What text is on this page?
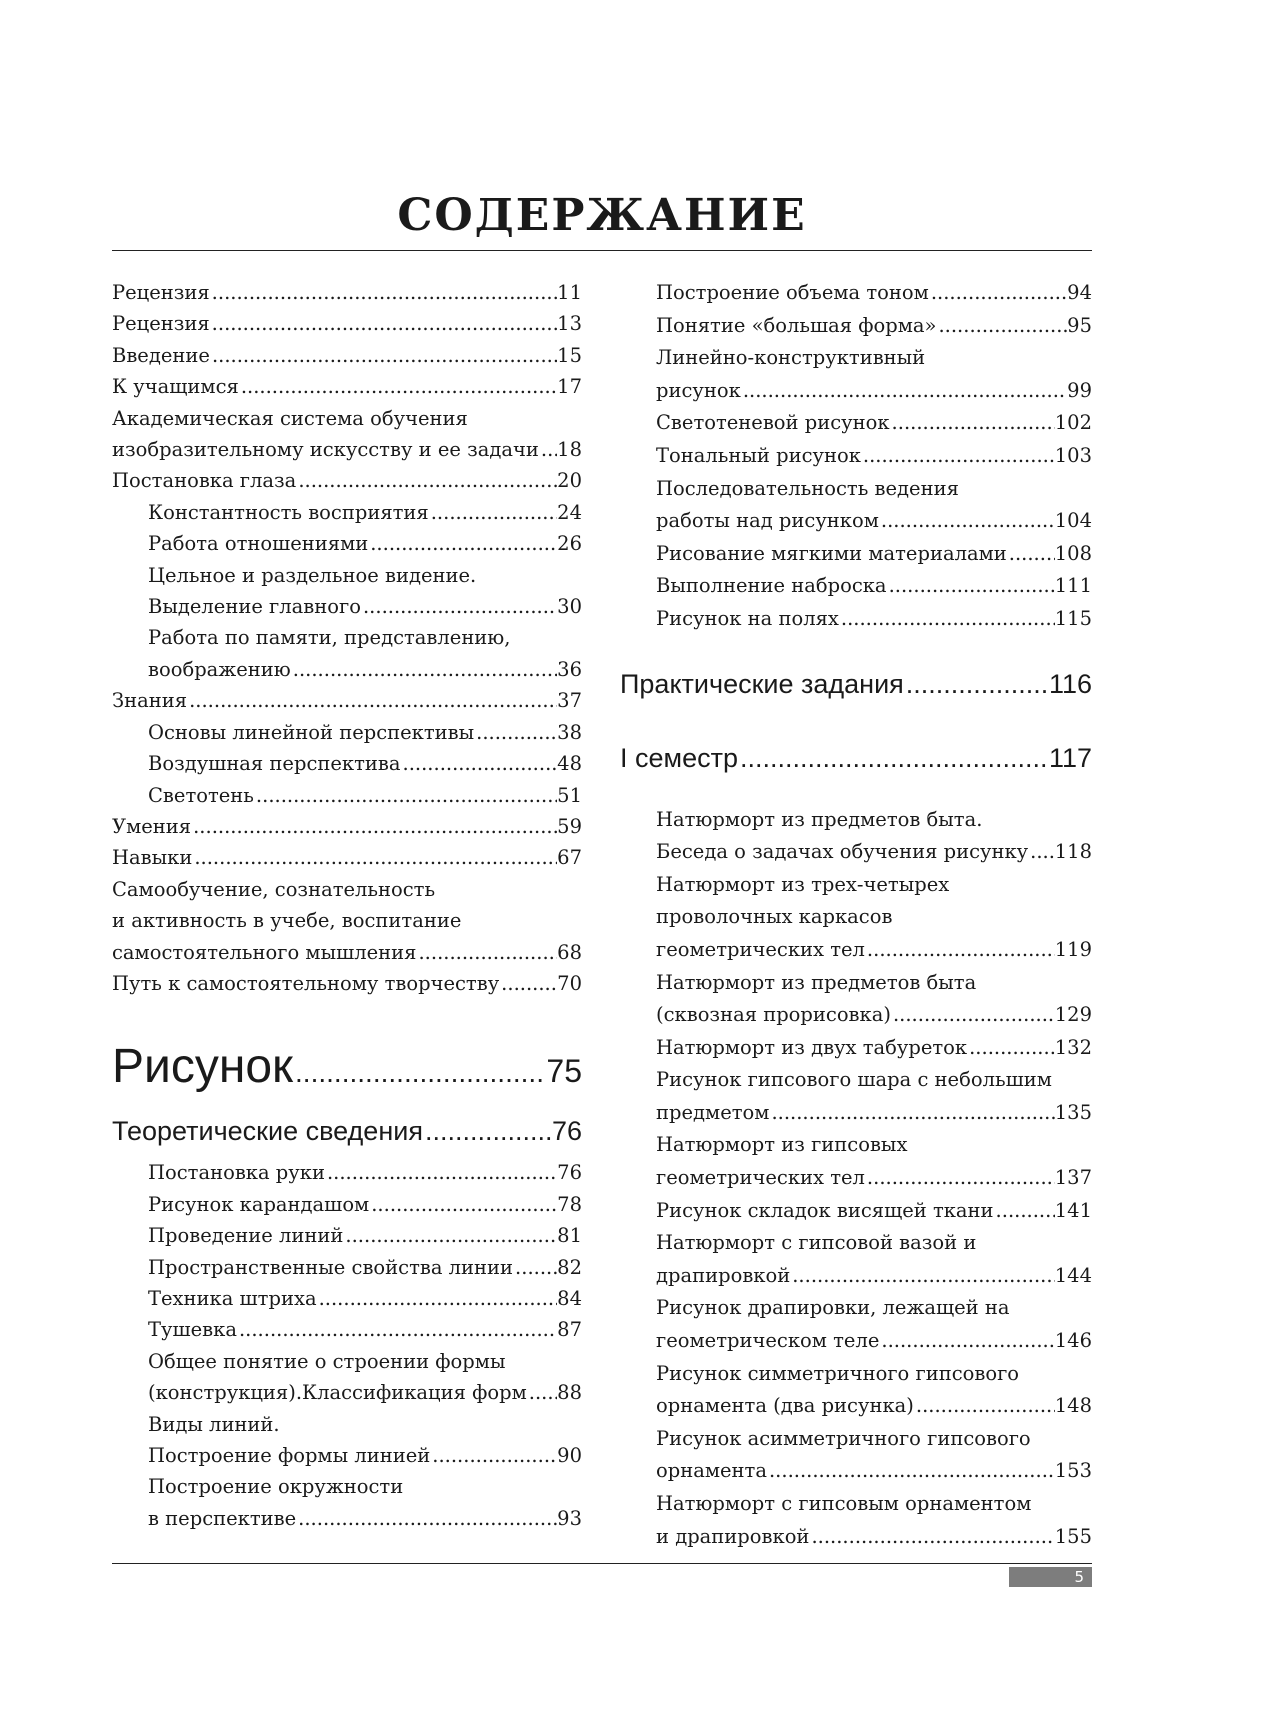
СОДЕРЖАНИЕ
Рецензия .....	11
Рецензия .....	13
Введение .....	15
К учащимся .....	17
Академическая система обучения
изобразительному искусству и ее задачи ..... 18
Постановка глаза .....	20
Константность восприятия .....	24
Работа отношениями .....	26
Цельное и раздельное видение.
Выделение главного .....	30
Работа по памяти, представлению,
воображению .....	36
Знания .....	37
Основы линейной перспективы .....	38
Воздушная перспектива .....	48
Светотень .....	51
Умения .....	59
Навыки .....	67
Самообучение, сознательность
и активность в учебе, воспитание
самостоятельного мышления .....	68
Путь к самостоятельному творчеству .....	70
Рисунок .....	75
Теоретические сведения .....	76
Постановка руки .....	76
Рисунок карандашом .....	78
Проведение линий .....	81
Пространственные свойства линии ..... 82
Техника штриха .....	84
Тушевка .....	87
Общее понятие о строении формы
(конструкция).Классификация форм ..... 88
Виды линий.
Построение формы линией .....	90
Построение окружности
в перспективе .....	93
Построение объема тоном .....	94
Понятие «большая форма» .....	95
Линейно-конструктивный
рисунок .....	99
Светотеневой рисунок .....	102
Тональный рисунок .....	103
Последовательность ведения
работы над рисунком .....	104
Рисование мягкими материалами ..... 108
Выполнение наброска .....	111
Рисунок на полях .....	115
Практические задания .....	116
I семестр .....	117
Натюрморт из предметов быта.
Беседа о задачах обучения рисунку ..... 118
Натюрморт из трех-четырех
проволочных каркасов
геометрических тел .....	119
Натюрморт из предметов быта
(сквозная прорисовка) .....	129
Натюрморт из двух табуреток .....	132
Рисунок гипсового шара с небольшим
предметом .....	135
Натюрморт из гипсовых
геометрических тел .....	137
Рисунок складок висящей ткани .....	141
Натюрморт с гипсовой вазой и
драпировкой .....	144
Рисунок драпировки, лежащей на
геометрическом теле .....	146
Рисунок симметричного гипсового
орнамента (два рисунка) .....	148
Рисунок асимметричного гипсового
орнамента .....	153
Натюрморт с гипсовым орнаментом
и драпировкой .....	155
5
